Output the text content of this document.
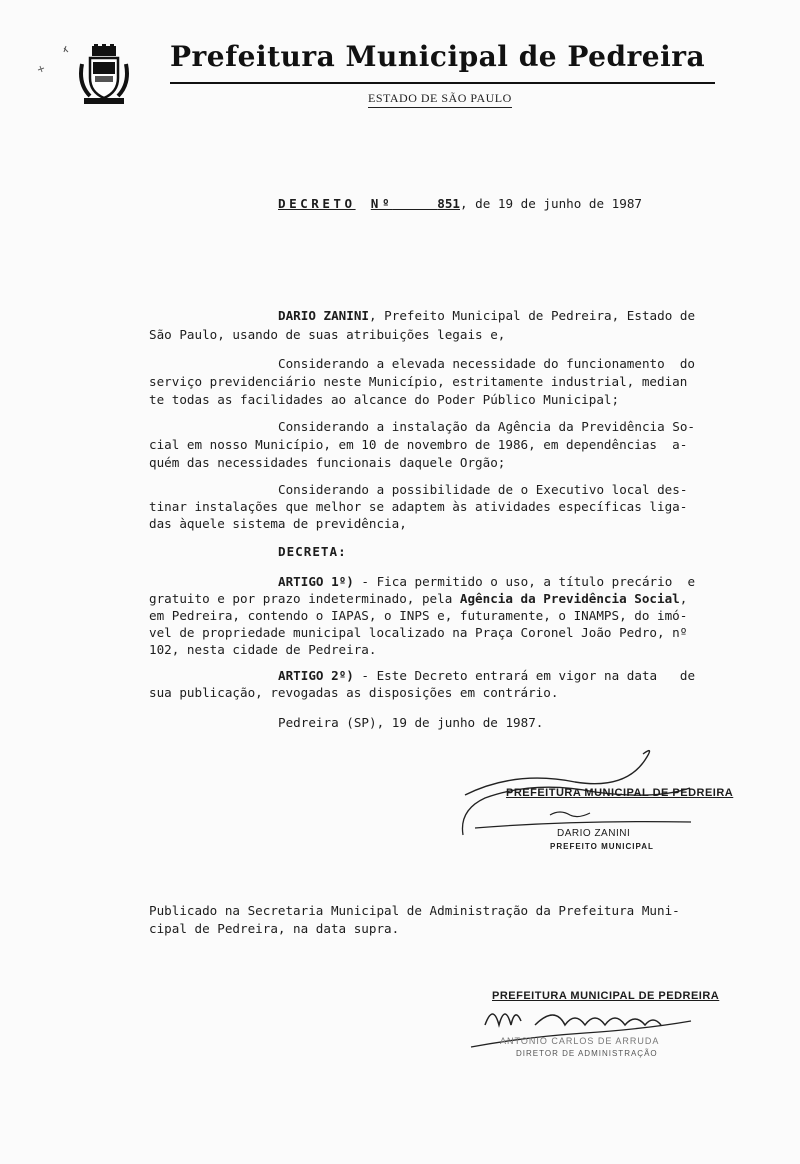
Prefeitura Municipal de Pedreira
ESTADO DE SÃO PAULO
DECRETO Nº	851, de 19 de junho de 1987
DARIO ZANINI, Prefeito Municipal de Pedreira, Estado de
São Paulo, usando de suas atribuições legais e,
Considerando a elevada necessidade do funcionamento  do
serviço previdenciário neste Município, estritamente industrial, median
te todas as facilidades ao alcance do Poder Público Municipal;
Considerando a instalação da Agência da Previdência So-
cial em nosso Município, em 10 de novembro de 1986, em dependências  a-
quém das necessidades funcionais daquele Orgão;
Considerando a possibilidade de o Executivo local des-
tinar instalações que melhor se adaptem às atividades específicas liga-
das àquele sistema de previdência,
DECRETA:
ARTIGO 1º) - Fica permitido o uso, a título precário  e
gratuito e por prazo indeterminado, pela Agência da Previdência Social,
em Pedreira, contendo o IAPAS, o INPS e, futuramente, o INAMPS, do imó-
vel de propriedade municipal localizado na Praça Coronel João Pedro, nº
102, nesta cidade de Pedreira.
ARTIGO 2º) - Este Decreto entrará em vigor na data   de
sua publicação, revogadas as disposições em contrário.
Pedreira (SP), 19 de junho de 1987.
PREFEITURA MUNICIPAL DE PEDREIRA
DARIO ZANINI
PREFEITO MUNICIPAL
Publicado na Secretaria Municipal de Administração da Prefeitura Muni-
cipal de Pedreira, na data supra.
PREFEITURA MUNICIPAL DE PEDREIRA
ANTONIO CARLOS DE ARRUDA
DIRETOR DE ADMINISTRAÇÃO
